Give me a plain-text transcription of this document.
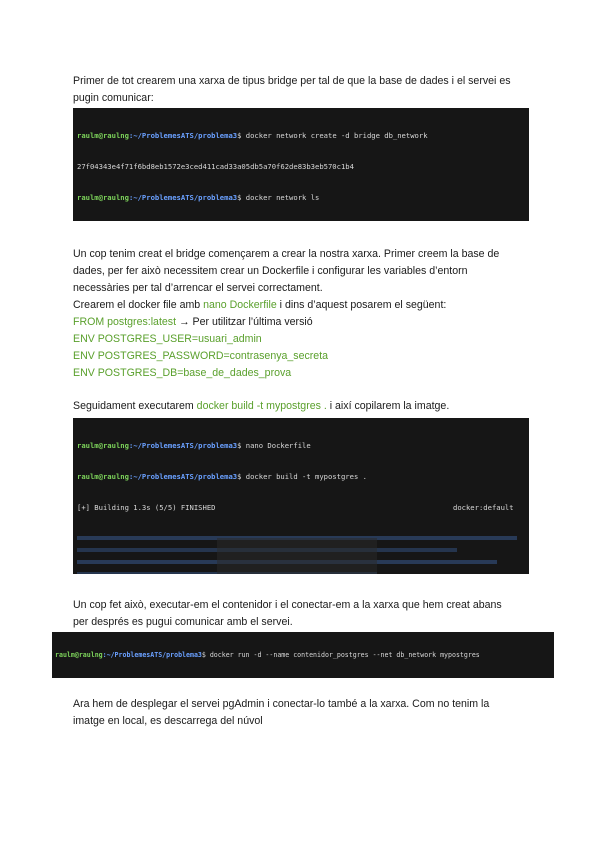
Primer de tot crearem una xarxa de tipus bridge per tal de que la base de dades i el servei es

pugin comunicar:

raulm@raulng:~/ProblemesATS/problema3$ docker network create -d bridge db_network

27f04343e4f71f6bd8eb1572e3ced411cad33a05db5a70f62de83b3eb570c1b4

raulm@raulng:~/ProblemesATS/problema3$ docker network ls

Un cop tenim creat el bridge començarem a crear la nostra xarxa. Primer creem la base de

dades, per fer això necessitem crear un Dockerfile i configurar les variables d’entorn

necessàries per tal d’arrencar el servei correctament.

Crearem el docker file amb nano Dockerfile i dins d’aquest posarem el següent:

FROM postgres:latest → Per utilitzar l’última versió

ENV POSTGRES_USER=usuari_admin

ENV POSTGRES_PASSWORD=contrasenya_secreta

ENV POSTGRES_DB=base_de_dades_prova

Seguidament executarem docker build -t mypostgres . i així copilarem la imatge.

raulm@raulng:~/ProblemesATS/problema3$ nano Dockerfile

raulm@raulng:~/ProblemesATS/problema3$ docker build -t mypostgres .

[+] Building 1.3s (5/5) FINISHED	docker:default

Un cop fet això, executar-em el contenidor i el conectar-em a la xarxa que hem creat abans

per després es pugui comunicar amb el servei.

raulm@raulng:~/ProblemesATS/problema3$ docker run -d --name contenidor_postgres --net db_network mypostgres

Ara hem de desplegar el servei pgAdmin i conectar-lo també a la xarxa. Com no tenim la

imatge en local, es descarrega del núvol
